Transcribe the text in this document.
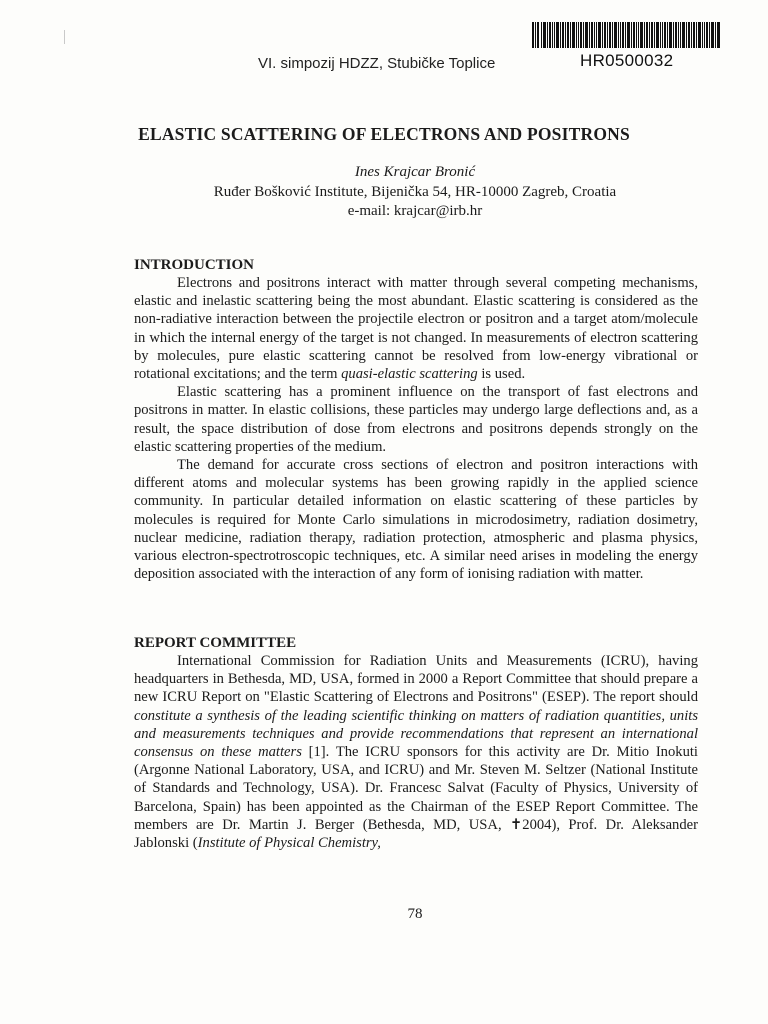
VI. simpozij HDZZ, Stubičke Toplice	HR0500032
ELASTIC SCATTERING OF ELECTRONS AND POSITRONS
Ines Krajcar Bronić
Ruđer Bošković Institute, Bijenička 54, HR-10000 Zagreb, Croatia
e-mail: krajcar@irb.hr
INTRODUCTION

Electrons and positrons interact with matter through several competing mechanisms, elastic and inelastic scattering being the most abundant. Elastic scattering is considered as the non-radiative interaction between the projectile electron or positron and a target atom/molecule in which the internal energy of the target is not changed. In measurements of electron scattering by molecules, pure elastic scattering cannot be resolved from low-energy vibrational or rotational excitations; and the term quasi-elastic scattering is used.

Elastic scattering has a prominent influence on the transport of fast electrons and positrons in matter. In elastic collisions, these particles may undergo large deflections and, as a result, the space distribution of dose from electrons and positrons depends strongly on the elastic scattering properties of the medium.

The demand for accurate cross sections of electron and positron interactions with different atoms and molecular systems has been growing rapidly in the applied science community. In particular detailed information on elastic scattering of these particles by molecules is required for Monte Carlo simulations in microdosimetry, radiation dosimetry, nuclear medicine, radiation therapy, radiation protection, atmospheric and plasma physics, various electron-spectrotroscopic techniques, etc. A similar need arises in modeling the energy deposition associated with the interaction of any form of ionising radiation with matter.

REPORT COMMITTEE

International Commission for Radiation Units and Measurements (ICRU), having headquarters in Bethesda, MD, USA, formed in 2000 a Report Committee that should prepare a new ICRU Report on "Elastic Scattering of Electrons and Positrons" (ESEP). The report should constitute a synthesis of the leading scientific thinking on matters of radiation quantities, units and measurements techniques and provide recommendations that represent an international consensus on these matters [1]. The ICRU sponsors for this activity are Dr. Mitio Inokuti (Argonne National Laboratory, USA, and ICRU) and Mr. Steven M. Seltzer (National Institute of Standards and Technology, USA). Dr. Francesc Salvat (Faculty of Physics, University of Barcelona, Spain) has been appointed as the Chairman of the ESEP Report Committee. The members are Dr. Martin J. Berger (Bethesda, MD, USA, ✝2004), Prof. Dr. Aleksander Jablonski (Institute of Physical Chemistry,

78
